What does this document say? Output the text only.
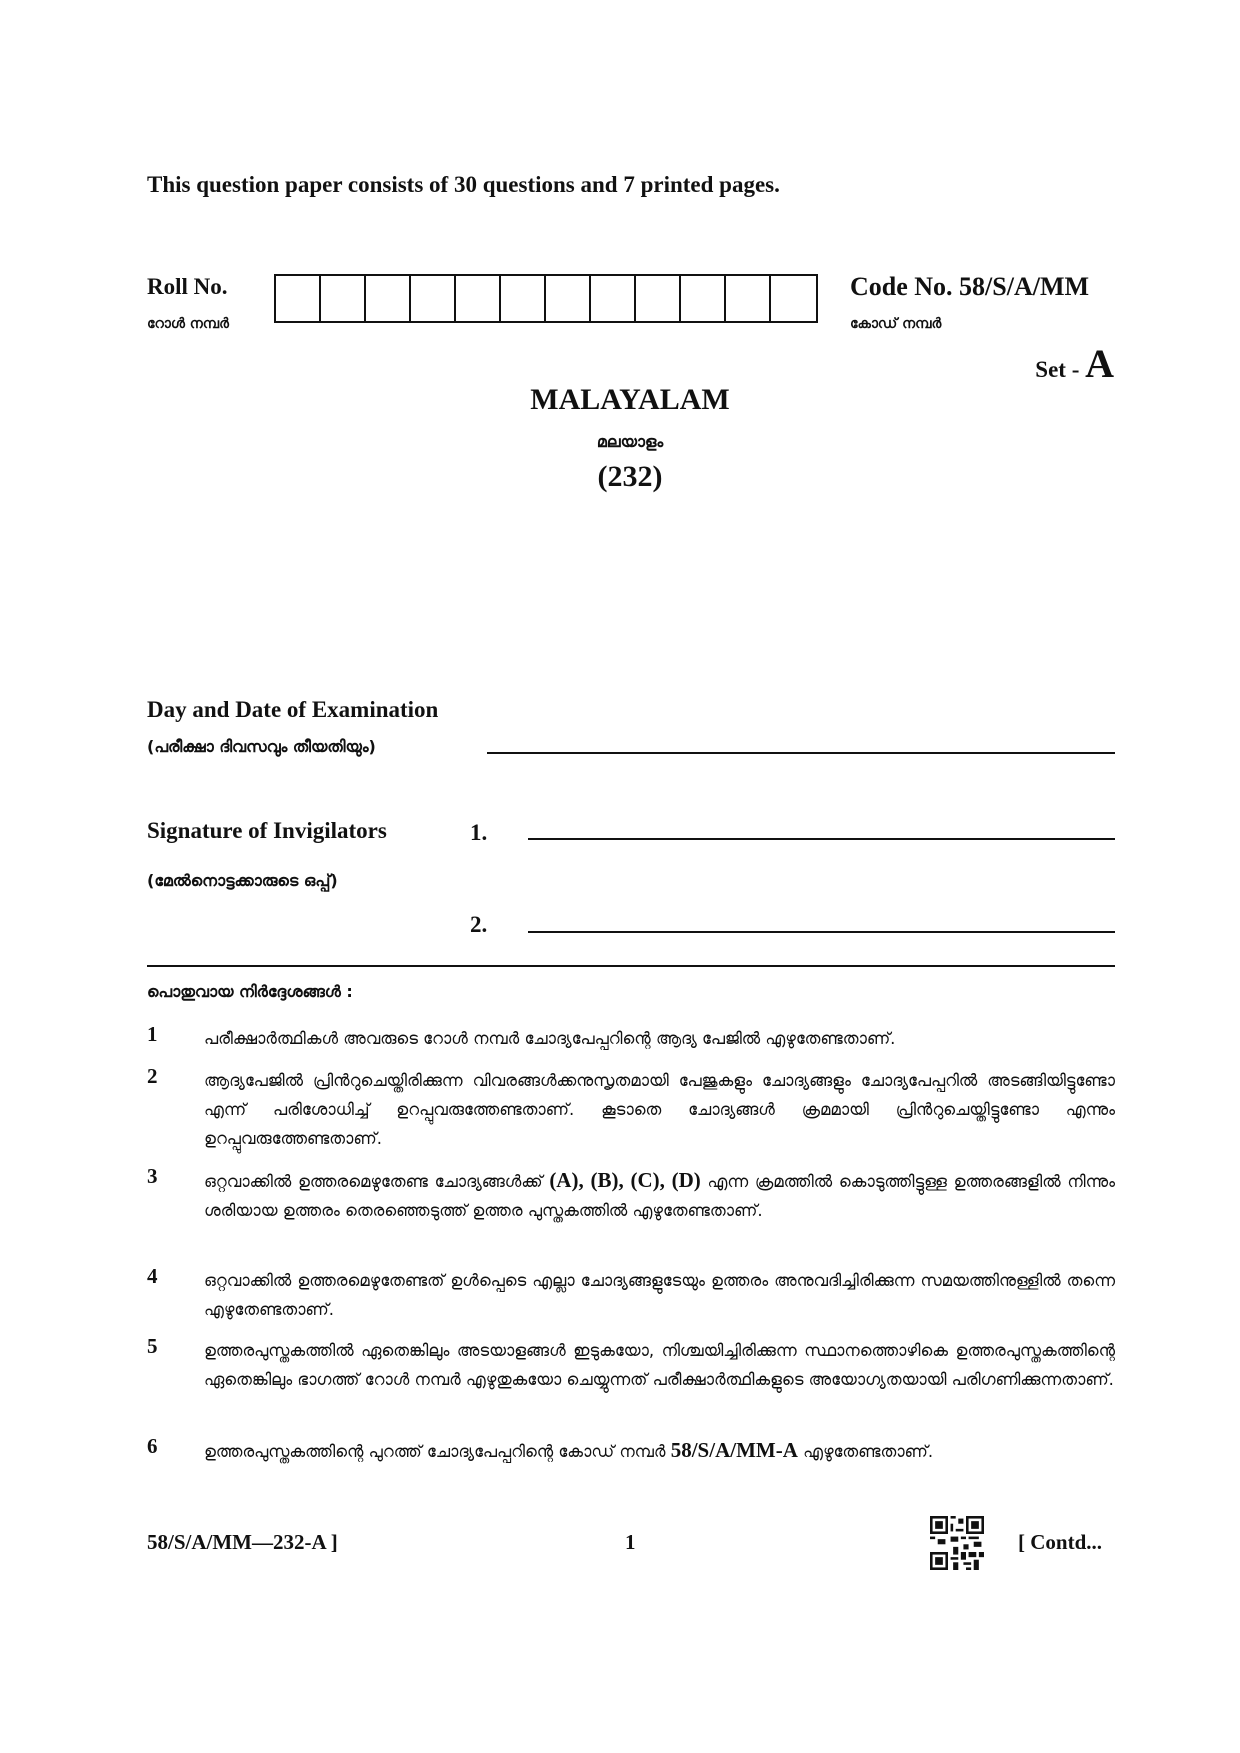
This question paper consists of 30 questions and 7 printed pages.
Roll No.
റോൾ നമ്പർ
Code No. 58/S/A/MM
കോഡ് നമ്പർ
Set - A
MALAYALAM
മലയാളം
(232)
Day and Date of Examination
(പരീക്ഷാ ദിവസവും തീയതിയും)
Signature of Invigilators
(മേൽനൊട്ടക്കാരുടെ ഒപ്പ്)
1.
2.
പൊതുവായ നിർദ്ദേശങ്ങൾ :
1	പരീക്ഷാർത്ഥികൾ അവരുടെ റോൾ നമ്പർ ചോദ്യപേപ്പറിന്റെ ആദ്യ പേജിൽ എഴുതേണ്ടതാണ്.
2	ആദ്യപേജിൽ പ്രിൻറുചെയ്തിരിക്കുന്ന വിവരങ്ങൾക്കനുസൃതമായി പേജുകളും ചോദ്യങ്ങളും ചോദ്യപേപ്പറിൽ അടങ്ങിയിട്ടുണ്ടോ എന്ന് പരിശോധിച്ച് ഉറപ്പുവരുത്തേണ്ടതാണ്. കൂടാതെ ചോദ്യങ്ങൾ ക്രമമായി പ്രിൻറുചെയ്തിട്ടുണ്ടോ എന്നും ഉറപ്പുവരുത്തേണ്ടതാണ്.
3	ഒറ്റവാക്കിൽ ഉത്തരമെഴുതേണ്ട ചോദ്യങ്ങൾക്ക് (A), (B), (C), (D) എന്ന ക്രമത്തിൽ കൊടുത്തിട്ടുള്ള ഉത്തരങ്ങളിൽ നിന്നും ശരിയായ ഉത്തരം തെരഞ്ഞെടുത്ത് ഉത്തര പുസ്തകത്തിൽ എഴുതേണ്ടതാണ്.
4	ഒറ്റവാക്കിൽ ഉത്തരമെഴുതേണ്ടത് ഉൾപ്പെടെ എല്ലാ ചോദ്യങ്ങളുടേയും ഉത്തരം അനുവദിച്ചിരിക്കുന്ന സമയത്തിനുള്ളിൽ തന്നെ എഴുതേണ്ടതാണ്.
5	ഉത്തരപുസ്തകത്തിൽ ഏതെങ്കിലും അടയാളങ്ങൾ ഇടുകയോ, നിശ്ചയിച്ചിരിക്കുന്ന സ്ഥാനത്തൊഴികെ ഉത്തരപുസ്തകത്തിന്റെ ഏതെങ്കിലും ഭാഗത്ത് റോൾ നമ്പർ എഴുതുകയോ ചെയ്യുന്നത് പരീക്ഷാർത്ഥികളുടെ അയോഗ്യതയായി പരിഗണിക്കുന്നതാണ്.
6	ഉത്തരപുസ്തകത്തിന്റെ പുറത്ത് ചോദ്യപേപ്പറിന്റെ കോഡ് നമ്പർ 58/S/A/MM-A എഴുതേണ്ടതാണ്.
58/S/A/MM—232-A ]	1	[ Contd...
